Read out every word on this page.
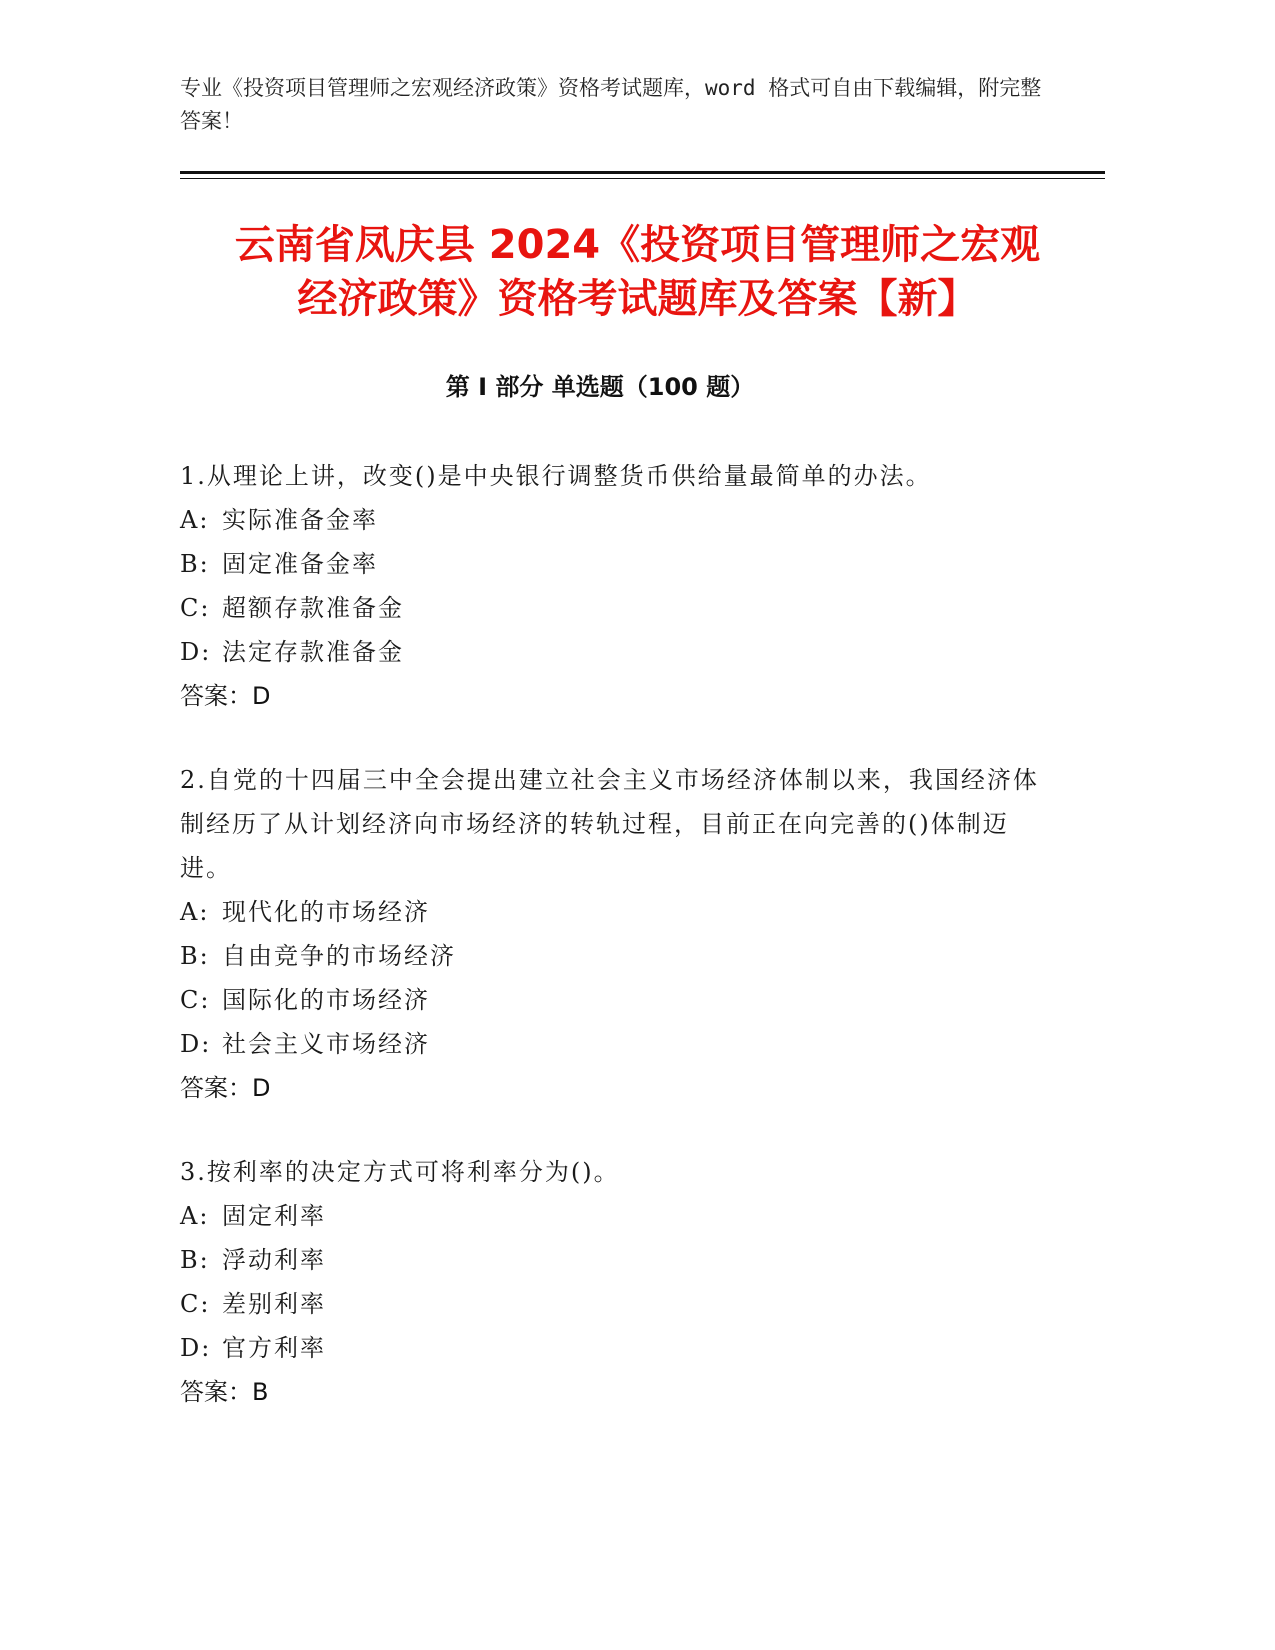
专业《投资项目管理师之宏观经济政策》资格考试题库，word 格式可自由下载编辑，附完整答案！
云南省凤庆县 2024《投资项目管理师之宏观
经济政策》资格考试题库及答案【新】
第 I 部分 单选题（100 题）

1.从理论上讲，改变()是中央银行调整货币供给量最简单的办法。

A: 实际准备金率

B: 固定准备金率

C: 超额存款准备金

D: 法定存款准备金

答案：D

2.自党的十四届三中全会提出建立社会主义市场经济体制以来，我国经济体制经历了从计划经济向市场经济的转轨过程，目前正在向完善的()体制迈进。

A: 现代化的市场经济

B: 自由竞争的市场经济

C: 国际化的市场经济

D: 社会主义市场经济

答案：D

3.按利率的决定方式可将利率分为()。

A: 固定利率

B: 浮动利率

C: 差别利率

D: 官方利率

答案：B
